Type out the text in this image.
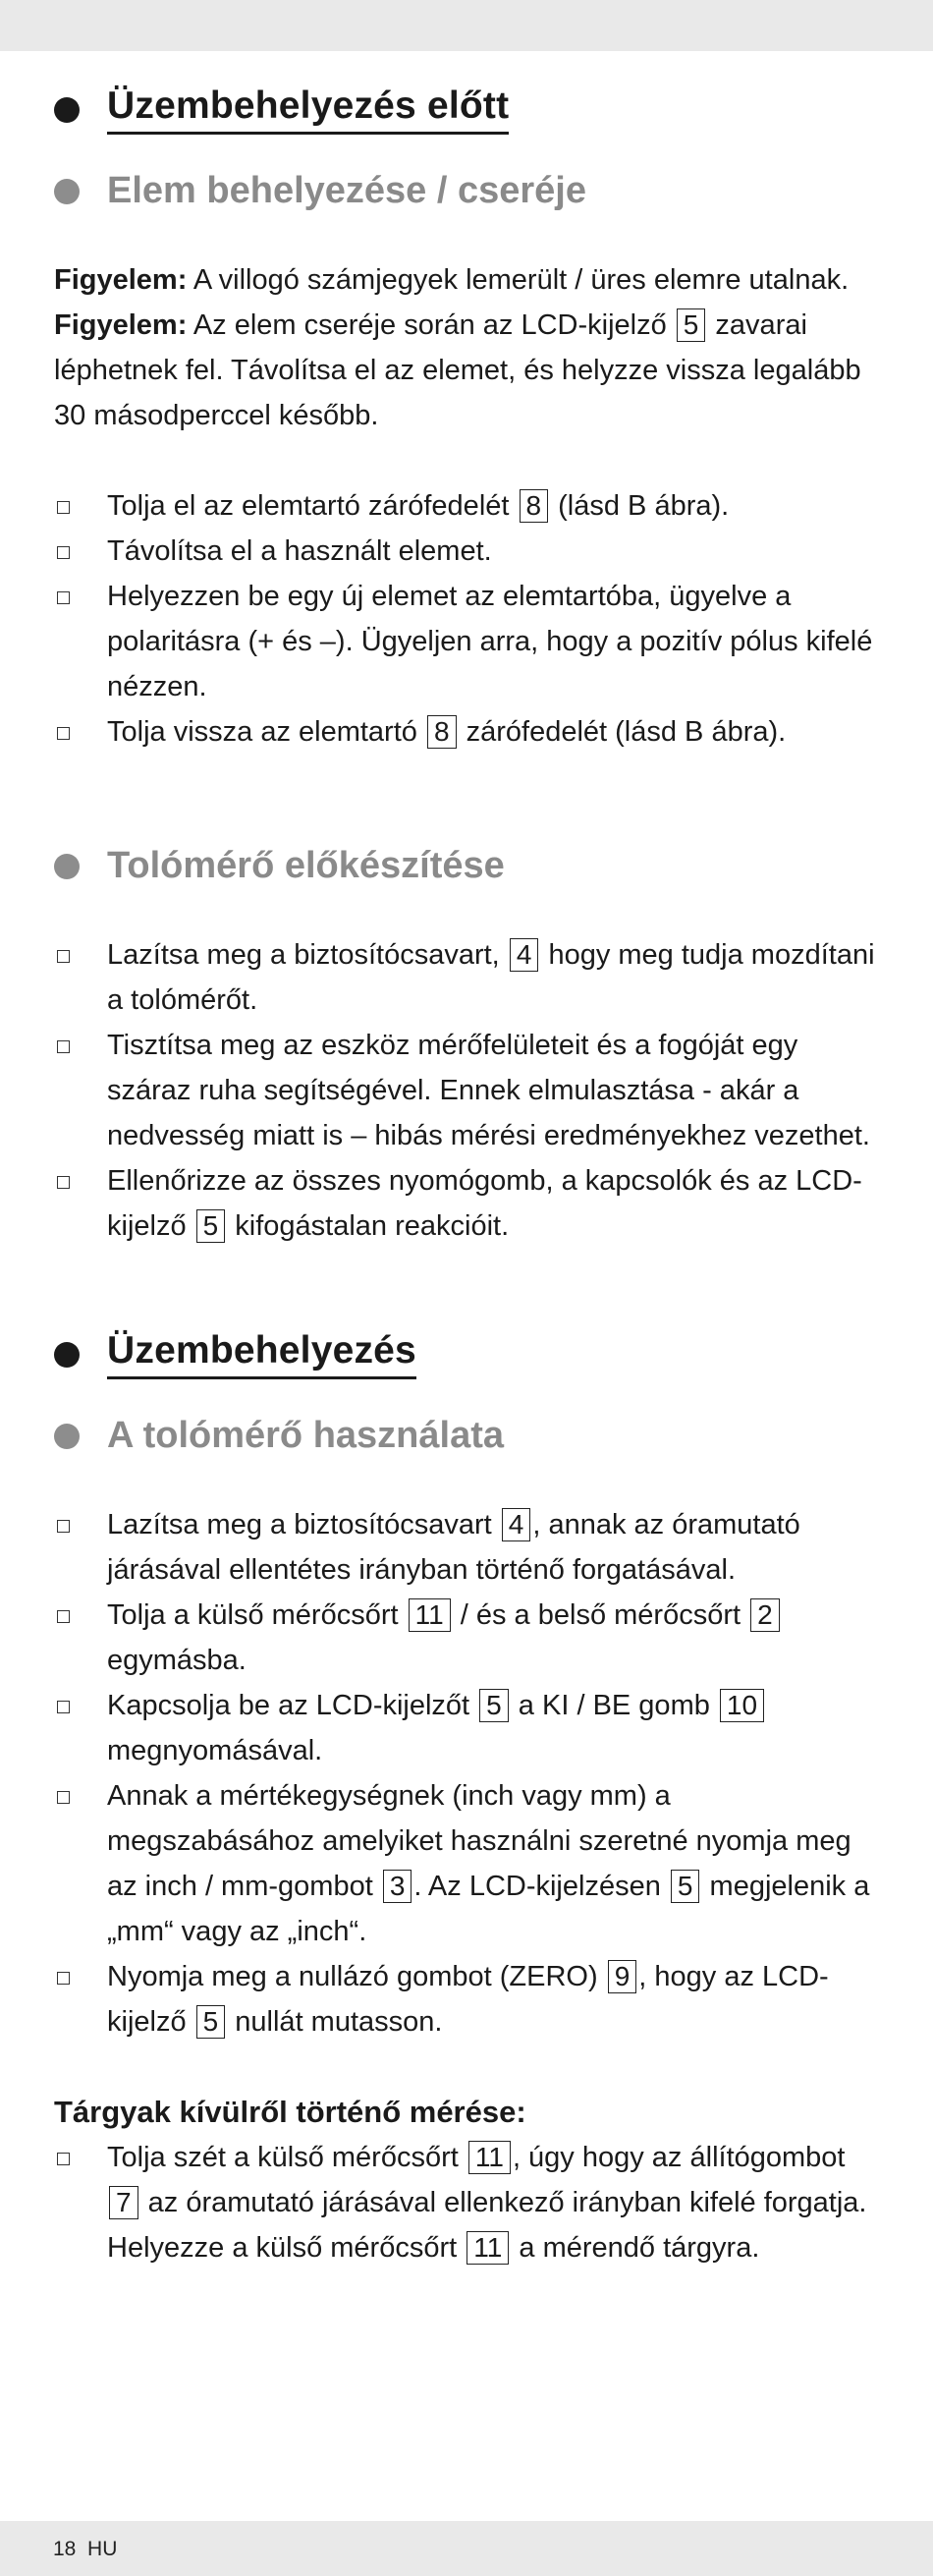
Üzembehelyezés előtt
Elem behelyezése / cseréje

Figyelem: A villogó számjegyek lemerült / üres elemre utalnak.
Figyelem: Az elem cseréje során az LCD-kijelző 5 zavarai léphetnek fel. Távolítsa el az elemet, és helyzze vissza legalább 30 másodperccel később.

Tolja el az elemtartó zárófedelét 8 (lásd B ábra).
Távolítsa el a használt elemet.
Helyezzen be egy új elemet az elemtartóba, ügyelve a polaritásra (+ és –). Ügyeljen arra, hogy a pozitív pólus kifelé nézzen.
Tolja vissza az elemtartó 8 zárófedelét (lásd B ábra).
Tolómérő előkészítése
Lazítsa meg a biztosítócsavart, 4 hogy meg tudja mozdítani a tolómérőt.
Tisztítsa meg az eszköz mérőfelületeit és a fogóját egy száraz ruha segítségével. Ennek elmulasztása - akár a nedvesség miatt is – hibás mérési eredményekhez vezethet.
Ellenőrizze az összes nyomógomb, a kapcsolók és az LCD-kijelző 5 kifogástalan reakcióit.
Üzembehelyezés
A tolómérő használata
Lazítsa meg a biztosítócsavart 4 , annak az óramutató járásával ellentétes irányban történő forgatásával.
Tolja a külső mérőcsőrt 11 / és a belső mérőcsőrt 2 egymásba.
Kapcsolja be az LCD-kijelzőt 5 a KI / BE gomb 10 megnyomásával.
Annak a mértékegységnek (inch vagy mm) a megszabásához amelyiket használni szeretné nyomja meg az inch / mm-gombot 3 . Az LCD-kijelzésen 5 megjelenik a „mm“ vagy az „inch“.
Nyomja meg a nullázó gombot (ZERO) 9 , hogy az LCD-kijelző 5 nullát mutasson.
Tárgyak kívülről történő mérése:
Tolja szét a külső mérőcsőrt 11 , úgy hogy az állítógombot 7 az óramutató járásával ellenkező irányban kifelé forgatja. Helyezze a külső mérőcsőrt 11 a mérendő tárgyra.
18 HU
